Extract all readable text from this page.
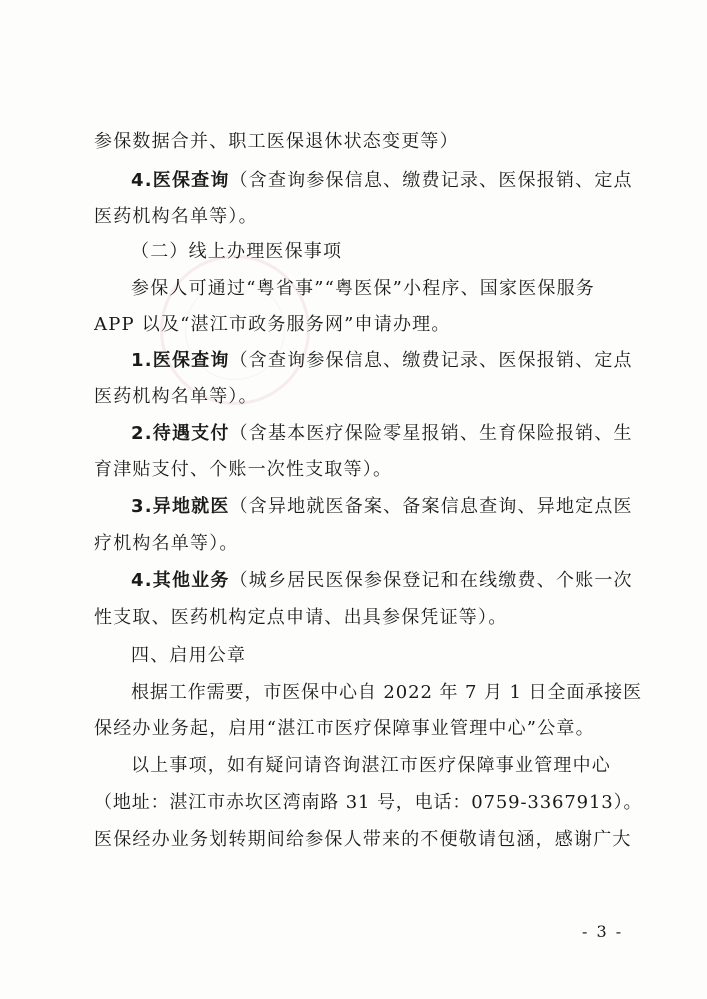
参保数据合并、职工医保退休状态变更等）
4.医保查询（含查询参保信息、缴费记录、医保报销、定点
医药机构名单等）。
（二）线上办理医保事项
参保人可通过“粤省事”“粤医保”小程序、国家医保服务
APP 以及“湛江市政务服务网”申请办理。
1.医保查询（含查询参保信息、缴费记录、医保报销、定点
医药机构名单等）。
2.待遇支付（含基本医疗保险零星报销、生育保险报销、生
育津贴支付、个账一次性支取等）。
3.异地就医（含异地就医备案、备案信息查询、异地定点医
疗机构名单等）。
4.其他业务（城乡居民医保参保登记和在线缴费、个账一次
性支取、医药机构定点申请、出具参保凭证等）。
四、启用公章
根据工作需要，市医保中心自 2022 年 7 月 1 日全面承接医
保经办业务起，启用“湛江市医疗保障事业管理中心”公章。
以上事项，如有疑问请咨询湛江市医疗保障事业管理中心
（地址：湛江市赤坎区湾南路 31 号，电话：0759-3367913）。
医保经办业务划转期间给参保人带来的不便敬请包涵，感谢广大
- 3 -
